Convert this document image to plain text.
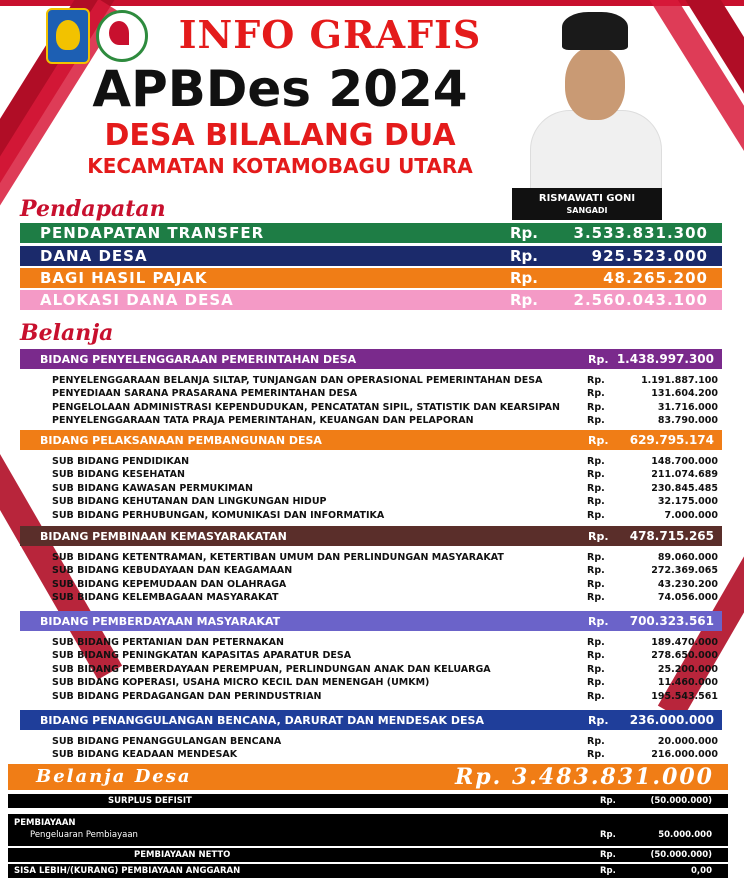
INFO GRAFIS
APBDes 2024
DESA BILALANG DUA
KECAMATAN KOTAMOBAGU UTARA
RISMAWATI GONI
SANGADI
Pendapatan
PENDAPATAN TRANSFER	Rp. 3.533.831.300
DANA DESA	Rp.	925.523.000
BAGI HASIL PAJAK	Rp.	48.265.200
ALOKASI DANA DESA	Rp. 2.560.043.100
Belanja
BIDANG PENYELENGGARAAN PEMERINTAHAN DESA	Rp. 1.438.997.300
PENYELENGGARAAN BELANJA SILTAP, TUNJANGAN DAN OPERASIONAL PEMERINTAHAN DESA	Rp.	1.191.887.100
PENYEDIAAN SARANA PRASARANA PEMERINTAHAN DESA	Rp.	131.604.200
PENGELOLAAN ADMINISTRASI KEPENDUDUKAN, PENCATATAN SIPIL, STATISTIK DAN KEARSIPAN	Rp.	31.716.000
PENYELENGGARAAN TATA PRAJA PEMERINTAHAN, KEUANGAN DAN PELAPORAN	Rp.	83.790.000
BIDANG PELAKSANAAN PEMBANGUNAN DESA	Rp. 629.795.174
SUB BIDANG PENDIDIKAN	Rp.	148.700.000
SUB BIDANG KESEHATAN	Rp.	211.074.689
SUB BIDANG KAWASAN PERMUKIMAN	Rp.	230.845.485
SUB BIDANG KEHUTANAN DAN LINGKUNGAN HIDUP	Rp.	32.175.000
SUB BIDANG PERHUBUNGAN, KOMUNIKASI DAN INFORMATIKA	Rp.	7.000.000
BIDANG PEMBINAAN KEMASYARAKATAN	Rp. 478.715.265
SUB BIDANG KETENTRAMAN, KETERTIBAN UMUM DAN PERLINDUNGAN MASYARAKAT	Rp.	89.060.000
SUB BIDANG KEBUDAYAAN DAN KEAGAMAAN	Rp.	272.369.065
SUB BIDANG KEPEMUDAAN DAN OLAHRAGA	Rp.	43.230.200
SUB BIDANG KELEMBAGAAN MASYARAKAT	Rp.	74.056.000
BIDANG PEMBERDAYAAN MASYARAKAT	Rp. 700.323.561
SUB BIDANG PERTANIAN DAN PETERNAKAN	Rp.	189.470.000
SUB BIDANG PENINGKATAN KAPASITAS APARATUR DESA	Rp.	278.650.000
SUB BIDANG PEMBERDAYAAN PEREMPUAN, PERLINDUNGAN ANAK DAN KELUARGA	Rp.	25.200.000
SUB BIDANG KOPERASI, USAHA MICRO KECIL DAN MENENGAH (UMKM)	Rp.	11.460.000
SUB BIDANG PERDAGANGAN DAN PERINDUSTRIAN	Rp.	195.543.561
BIDANG PENANGGULANGAN BENCANA, DARURAT DAN MENDESAK DESA	Rp. 236.000.000
SUB BIDANG PENANGGULANGAN BENCANA	Rp.	20.000.000
SUB BIDANG KEADAAN MENDESAK	Rp.	216.000.000
Belanja Desa	Rp. 3.483.831.000
SURPLUS DEFISIT	Rp.	(50.000.000)
PEMBIAYAAN
Pengeluaran Pembiayaan	Rp.	50.000.000
PEMBIAYAAN NETTO	Rp.	(50.000.000)
SISA LEBIH/(KURANG) PEMBIAYAAN ANGGARAN	Rp.	0,00
